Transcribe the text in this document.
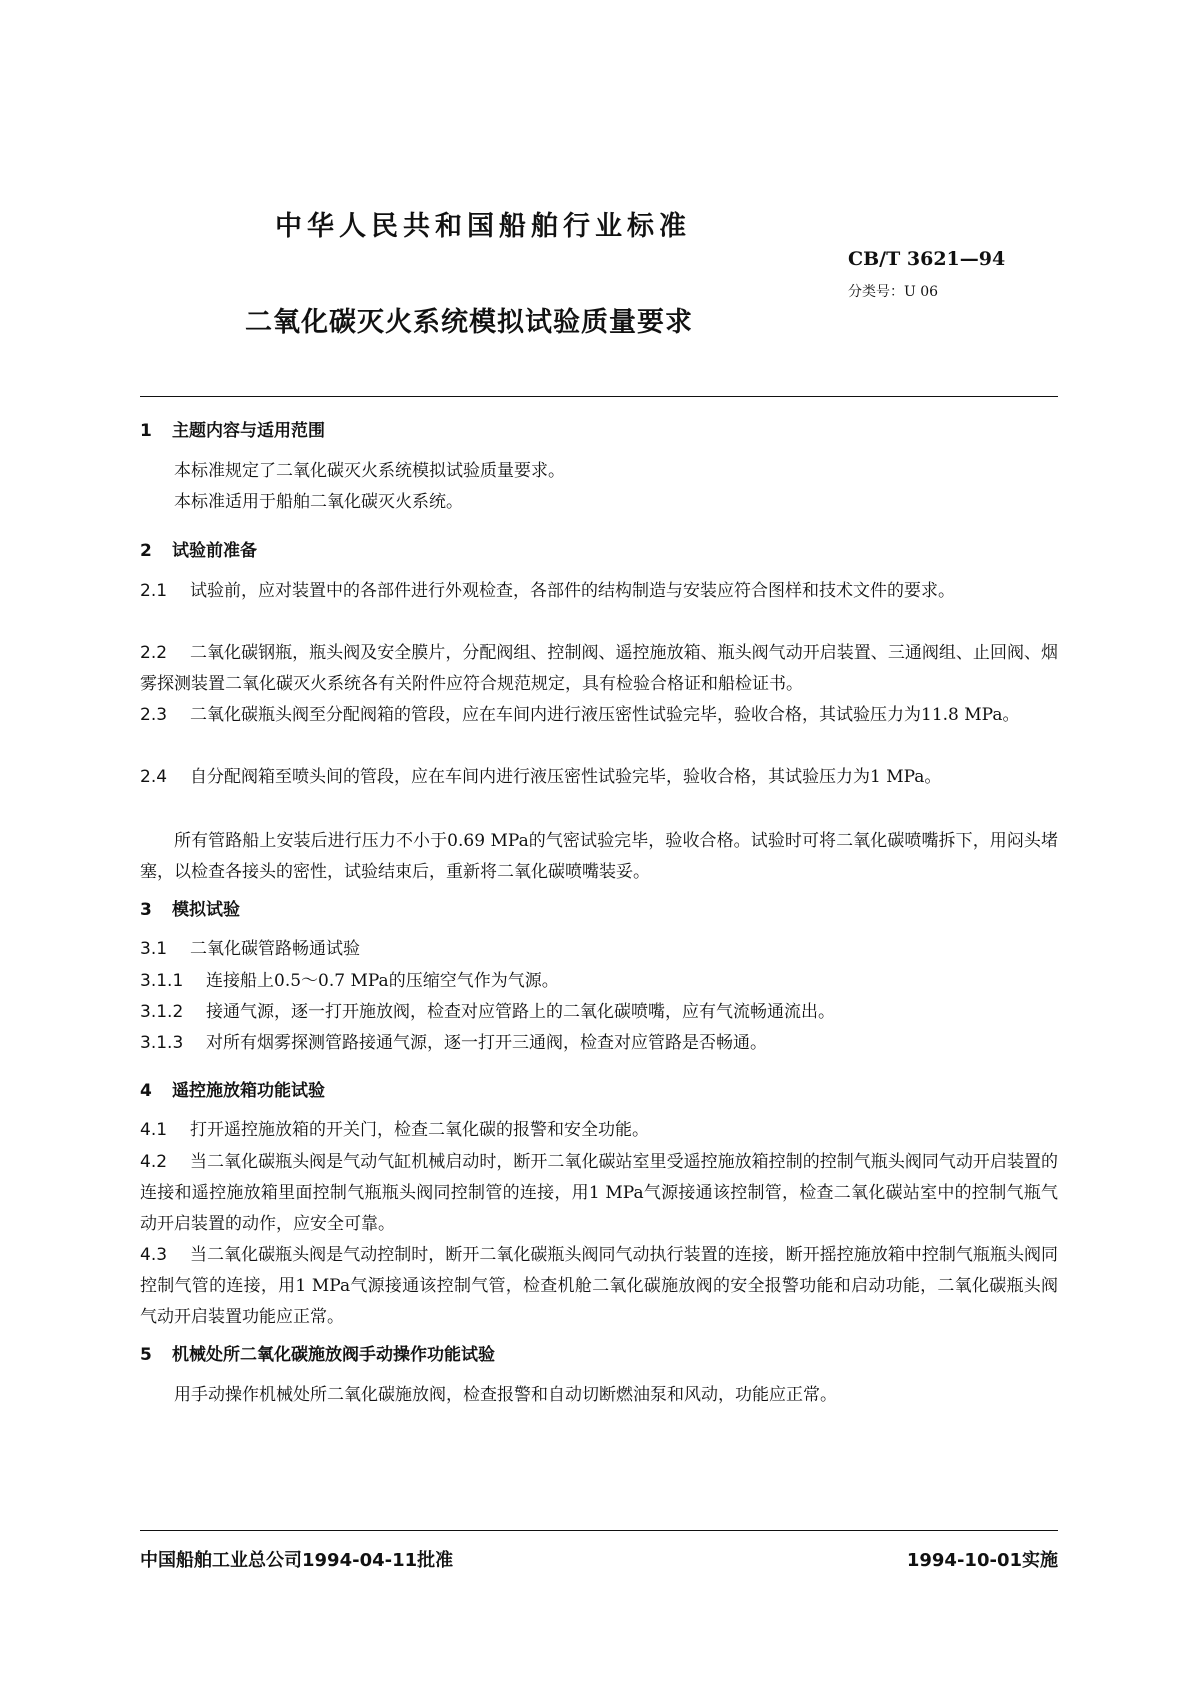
中华人民共和国船舶行业标准
CB/T 3621—94
分类号：U 06
二氧化碳灭火系统模拟试验质量要求
1 主题内容与适用范围
本标准规定了二氧化碳灭火系统模拟试验质量要求。
本标准适用于船舶二氧化碳灭火系统。
2 试验前准备
2.1 试验前，应对装置中的各部件进行外观检查，各部件的结构制造与安装应符合图样和技术文件的要求。
2.2 二氧化碳钢瓶，瓶头阀及安全膜片，分配阀组、控制阀、遥控施放箱、瓶头阀气动开启装置、三通阀组、止回阀、烟雾探测装置二氧化碳灭火系统各有关附件应符合规范规定，具有检验合格证和船检证书。
2.3 二氧化碳瓶头阀至分配阀箱的管段，应在车间内进行液压密性试验完毕，验收合格，其试验压力为11.8 MPa。
2.4 自分配阀箱至喷头间的管段，应在车间内进行液压密性试验完毕，验收合格，其试验压力为1 MPa。
所有管路船上安装后进行压力不小于0.69 MPa的气密试验完毕，验收合格。试验时可将二氧化碳喷嘴拆下，用闷头堵塞，以检查各接头的密性，试验结束后，重新将二氧化碳喷嘴装妥。
3 模拟试验
3.1 二氧化碳管路畅通试验
3.1.1 连接船上0.5～0.7 MPa的压缩空气作为气源。
3.1.2 接通气源，逐一打开施放阀，检查对应管路上的二氧化碳喷嘴，应有气流畅通流出。
3.1.3 对所有烟雾探测管路接通气源，逐一打开三通阀，检查对应管路是否畅通。
4 遥控施放箱功能试验
4.1 打开遥控施放箱的开关门，检查二氧化碳的报警和安全功能。
4.2 当二氧化碳瓶头阀是气动气缸机械启动时，断开二氧化碳站室里受遥控施放箱控制的控制气瓶头阀同气动开启装置的连接和遥控施放箱里面控制气瓶瓶头阀同控制管的连接，用1 MPa气源接通该控制管，检查二氧化碳站室中的控制气瓶气动开启装置的动作，应安全可靠。
4.3 当二氧化碳瓶头阀是气动控制时，断开二氧化碳瓶头阀同气动执行装置的连接，断开摇控施放箱中控制气瓶瓶头阀同控制气管的连接，用1 MPa气源接通该控制气管，检查机舱二氧化碳施放阀的安全报警功能和启动功能，二氧化碳瓶头阀气动开启装置功能应正常。
5 机械处所二氧化碳施放阀手动操作功能试验
用手动操作机械处所二氧化碳施放阀，检查报警和自动切断燃油泵和风动，功能应正常。
中国船舶工业总公司1994-04-11批准	1994-10-01实施
